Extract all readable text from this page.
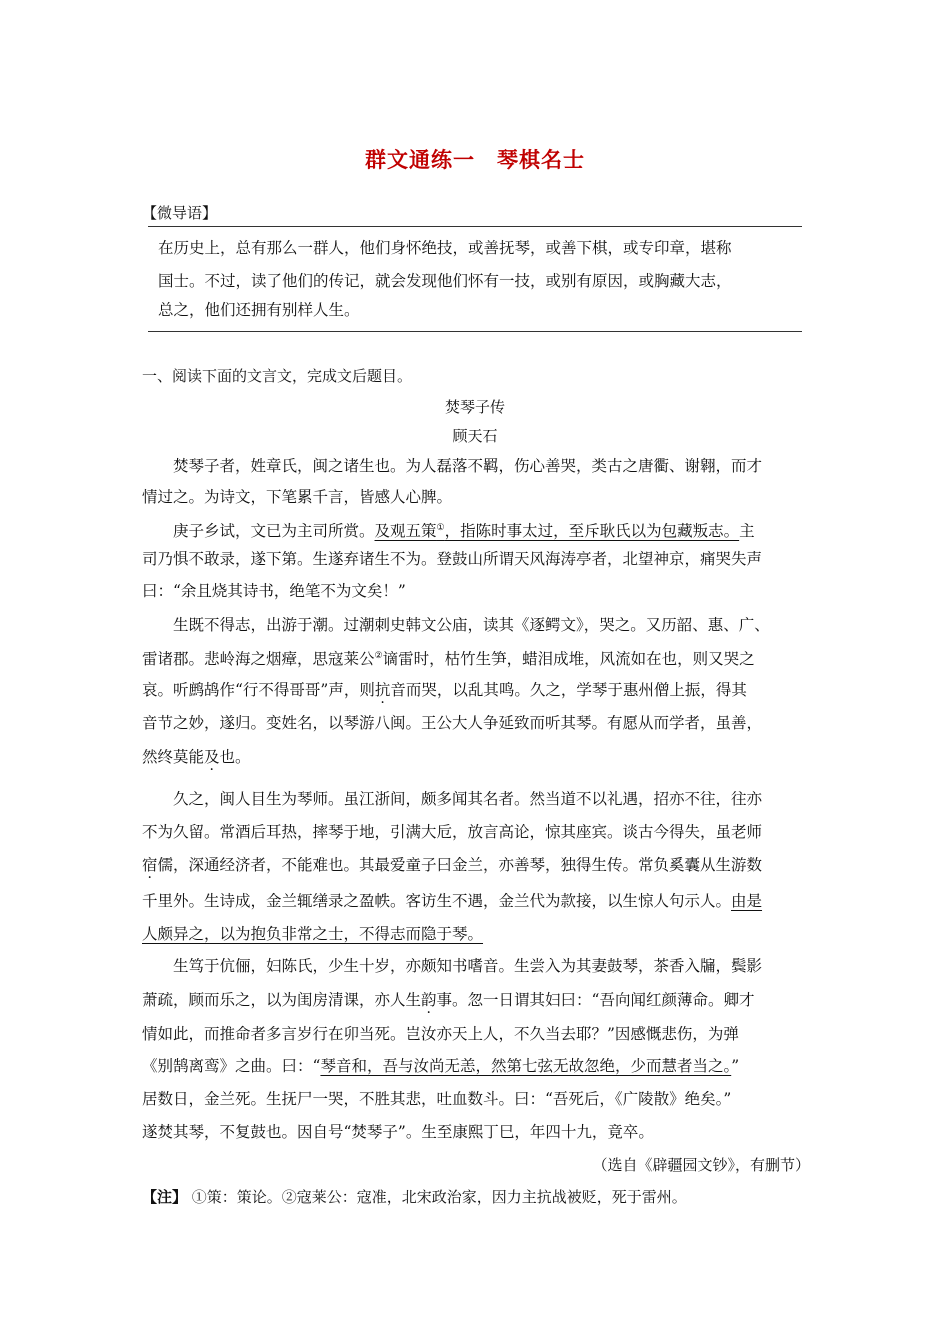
群文通练一　琴棋名士
【微导语】
在历史上，总有那么一群人，他们身怀绝技，或善抚琴，或善下棋，或专印章，堪称
国士。不过，读了他们的传记，就会发现他们怀有一技，或别有原因，或胸藏大志，
总之，他们还拥有别样人生。
一、阅读下面的文言文，完成文后题目。
焚琴子传
顾天石
焚琴子者，姓章氏，闽之诸生也。为人磊落不羁，伤心善哭，类古之唐衢、谢翱，而才
情过之。为诗文，下笔累千言，皆感人心脾。
庚子乡试，文已为主司所赏。及观五策①，指陈时事太过，至斥耿氏以为包藏叛志。主
司乃惧不敢录，遂下第。生遂弃诸生不为。登鼓山所谓天风海涛亭者，北望神京，痛哭失声
曰：“余且烧其诗书，绝笔不为文矣！”
生既不得志，出游于潮。过潮刺史韩文公庙，读其《逐鳄文》，哭之。又历韶、惠、广、
雷诸郡。悲岭海之烟瘴，思寇莱公②谪雷时，枯竹生笋，蜡泪成堆，风流如在也，则又哭之
哀。听鹧鸪作“行不得哥哥”声，则抗音而哭，以乱其鸣。久之，学琴于惠州僧上振，得其
音节之妙，遂归。变姓名，以琴游八闽。王公大人争延致而听其琴。有愿从而学者，虽善，
然终莫能及也。
久之，闽人目生为琴师。虽江浙间，颇多闻其名者。然当道不以礼遇，招亦不往，往亦
不为久留。常酒后耳热，摔琴于地，引满大卮，放言高论，惊其座宾。谈古今得失，虽老师
宿儒，深通经济者，不能难也。其最爱童子曰金兰，亦善琴，独得生传。常负奚囊从生游数
千里外。生诗成，金兰辄缮录之盈帙。客访生不遇，金兰代为款接，以生惊人句示人。由是
人颇异之，以为抱负非常之士，不得志而隐于琴。
生笃于伉俪，妇陈氏，少生十岁，亦颇知书嗜音。生尝入为其妻鼓琴，茶香入牖，鬓影
萧疏，顾而乐之，以为闺房清课，亦人生韵事。忽一日谓其妇曰：“吾向闻红颜薄命。卿才
情如此，而推命者多言岁行在卯当死。岂汝亦天上人，不久当去耶？”因感慨悲伤，为弹
《别鹄离鸾》之曲。曰：“琴音和，吾与汝尚无恙，然第七弦无故忽绝，少而慧者当之。”
居数日，金兰死。生抚尸一哭，不胜其悲，吐血数斗。曰：“吾死后，《广陵散》绝矣。”
遂焚其琴，不复鼓也。因自号“焚琴子”。生至康熙丁巳，年四十九，竟卒。
（选自《辟疆园文钞》，有删节）
【注】 ①策：策论。②寇莱公：寇准，北宋政治家，因力主抗战被贬，死于雷州。
